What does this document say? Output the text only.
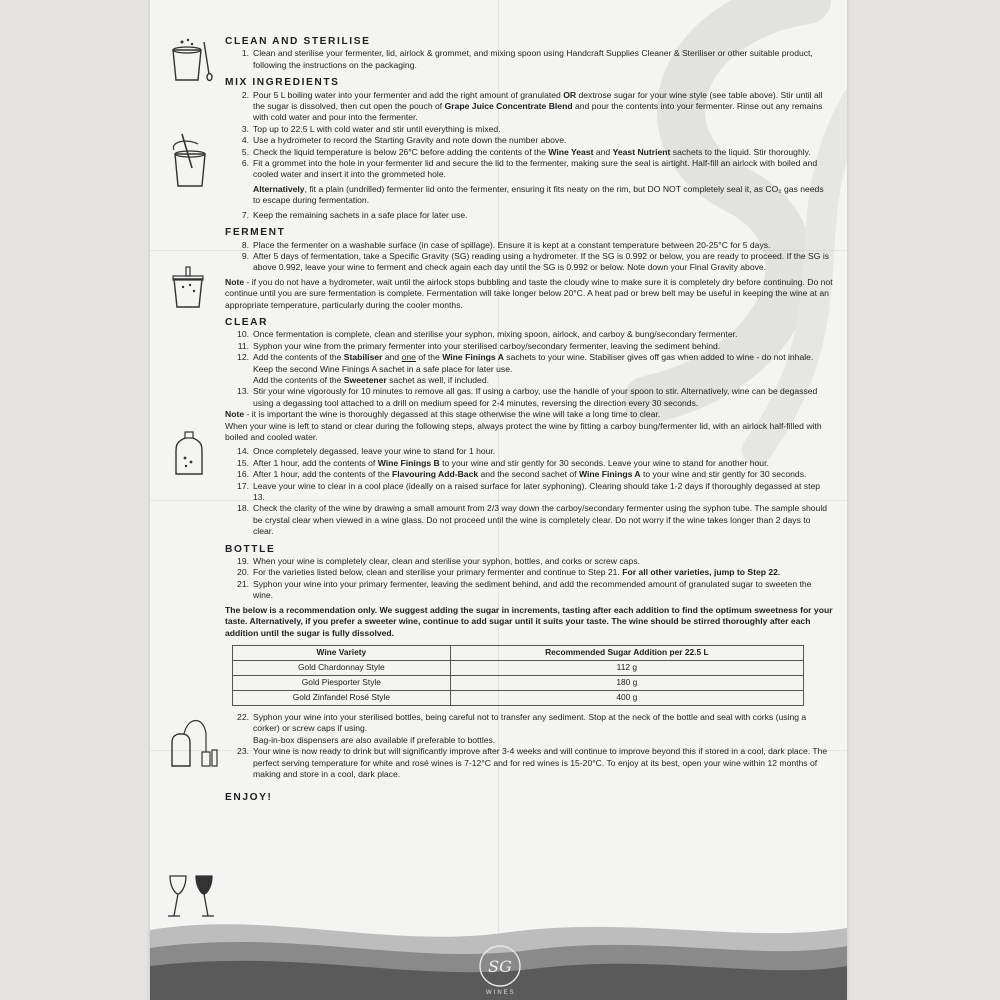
CLEAN AND STERILISE
1. Clean and sterilise your fermenter, lid, airlock & grommet, and mixing spoon using Handcraft Supplies Cleaner & Steriliser or other suitable product, following the instructions on the packaging.
MIX INGREDIENTS
2. Pour 5 L boiling water into your fermenter and add the right amount of granulated OR dextrose sugar for your wine style (see table above). Stir until all the sugar is dissolved, then cut open the pouch of Grape Juice Concentrate Blend and pour the contents into your fermenter. Rinse out any remains with cold water and pour into the fermenter.
3. Top up to 22.5 L with cold water and stir until everything is mixed.
4. Use a hydrometer to record the Starting Gravity and note down the number above.
5. Check the liquid temperature is below 26°C before adding the contents of the Wine Yeast and Yeast Nutrient sachets to the liquid. Stir thoroughly.
6. Fit a grommet into the hole in your fermenter lid and secure the lid to the fermenter, making sure the seal is airtight. Half-fill an airlock with boiled and cooled water and insert it into the grommeted hole.
Alternatively, fit a plain (undrilled) fermenter lid onto the fermenter, ensuring it fits neaty on the rim, but DO NOT completely seal it, as CO₂ gas needs to escape during fermentation.
7. Keep the remaining sachets in a safe place for later use.
FERMENT
8. Place the fermenter on a washable surface (in case of spillage). Ensure it is kept at a constant temperature between 20-25°C for 5 days.
9. After 5 days of fermentation, take a Specific Gravity (SG) reading using a hydrometer. If the SG is 0.992 or below, you are ready to proceed. If the SG is above 0.992, leave your wine to ferment and check again each day until the SG is 0.992 or below. Note down your Final Gravity above.
Note - if you do not have a hydrometer, wait until the airlock stops bubbling and taste the cloudy wine to make sure it is completely dry before continuing. Do not continue until you are sure fermentation is complete. Fermentation will take longer below 20°C. A heat pad or brew belt may be useful in keeping the wine at an appropriate temperature, particularly during the cooler months.
CLEAR
10. Once fermentation is complete, clean and sterilise your syphon, mixing spoon, airlock, and carboy & bung/secondary fermenter.
11. Syphon your wine from the primary fermenter into your sterilised carboy/secondary fermenter, leaving the sediment behind.
12. Add the contents of the Stabiliser and one of the Wine Finings A sachets to your wine. Stabiliser gives off gas when added to wine - do not inhale. Keep the second Wine Finings A sachet in a safe place for later use.
Add the contents of the Sweetener sachet as well, if included.
13. Stir your wine vigorously for 10 minutes to remove all gas. If using a carboy, use the handle of your spoon to stir. Alternatively, wine can be degassed using a degassing tool attached to a drill on medium speed for 2-4 minutes, reversing the direction every 30 seconds.
Note - it is important the wine is thoroughly degassed at this stage otherwise the wine will take a long time to clear.
When your wine is left to stand or clear during the following steps, always protect the wine by fitting a carboy bung/fermenter lid, with an airlock half-filled with boiled and cooled water.
14. Once completely degassed, leave your wine to stand for 1 hour.
15. After 1 hour, add the contents of Wine Finings B to your wine and stir gently for 30 seconds. Leave your wine to stand for another hour.
16. After 1 hour, add the contents of the Flavouring Add-Back and the second sachet of Wine Finings A to your wine and stir gently for 30 seconds.
17. Leave your wine to clear in a cool place (ideally on a raised surface for later syphoning). Clearing should take 1-2 days if thoroughly degassed at step 13.
18. Check the clarity of the wine by drawing a small amount from 2/3 way down the carboy/secondary fermenter using the syphon tube. The sample should be crystal clear when viewed in a wine glass. Do not proceed until the wine is completely clear. Do not worry if the wine takes longer than 2 days to clear.
BOTTLE
19. When your wine is completely clear, clean and sterilise your syphon, bottles, and corks or screw caps.
20. For the varieties listed below, clean and sterilise your primary fermenter and continue to Step 21. For all other varieties, jump to Step 22.
21. Syphon your wine into your primary fermenter, leaving the sediment behind, and add the recommended amount of granulated sugar to sweeten the wine.
The below is a recommendation only. We suggest adding the sugar in increments, tasting after each addition to find the optimum sweetness for your taste. Alternatively, if you prefer a sweeter wine, continue to add sugar until it suits your taste. The wine should be stirred thoroughly after each addition until the sugar is fully dissolved.
Wine Variety	Recommended Sugar Addition per 22.5 L
Gold Chardonnay Style	112 g
Gold Piesporter Style	180 g
Gold Zinfandel Rosé Style	400 g
22. Syphon your wine into your sterilised bottles, being careful not to transfer any sediment. Stop at the neck of the bottle and seal with corks (using a corker) or screw caps if using.
Bag-in-box dispensers are also available if preferable to bottles.
23. Your wine is now ready to drink but will significantly improve after 3-4 weeks and will continue to improve beyond this if stored in a cool, dark place. The perfect serving temperature for white and rosé wines is 7-12°C and for red wines is 15-20°C. To enjoy at its best, open your wine within 12 months of making and store in a cool, dark place.
ENJOY!
SG
WINES
